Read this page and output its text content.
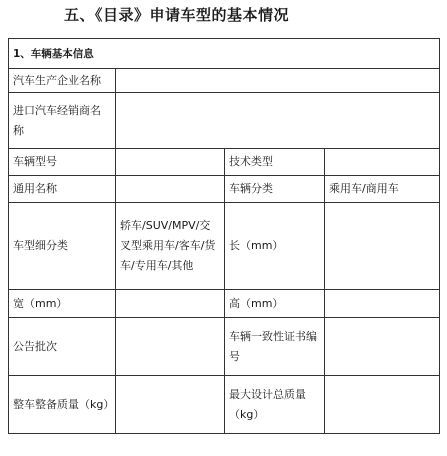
五、《目录》申请车型的基本情况
1、车辆基本信息			
汽车生产企业名称			
进口汽车经销商名称			
车辆型号		技术类型	
通用名称		车辆分类	乘用车/商用车
车型细分类	轿车/SUV/MPV/交叉型乘用车/客车/货车/专用车/其他	长（mm）	
宽（mm）		高（mm）	
公告批次		车辆一致性证书编号	
整车整备质量（kg）		最大设计总质量（kg）	
